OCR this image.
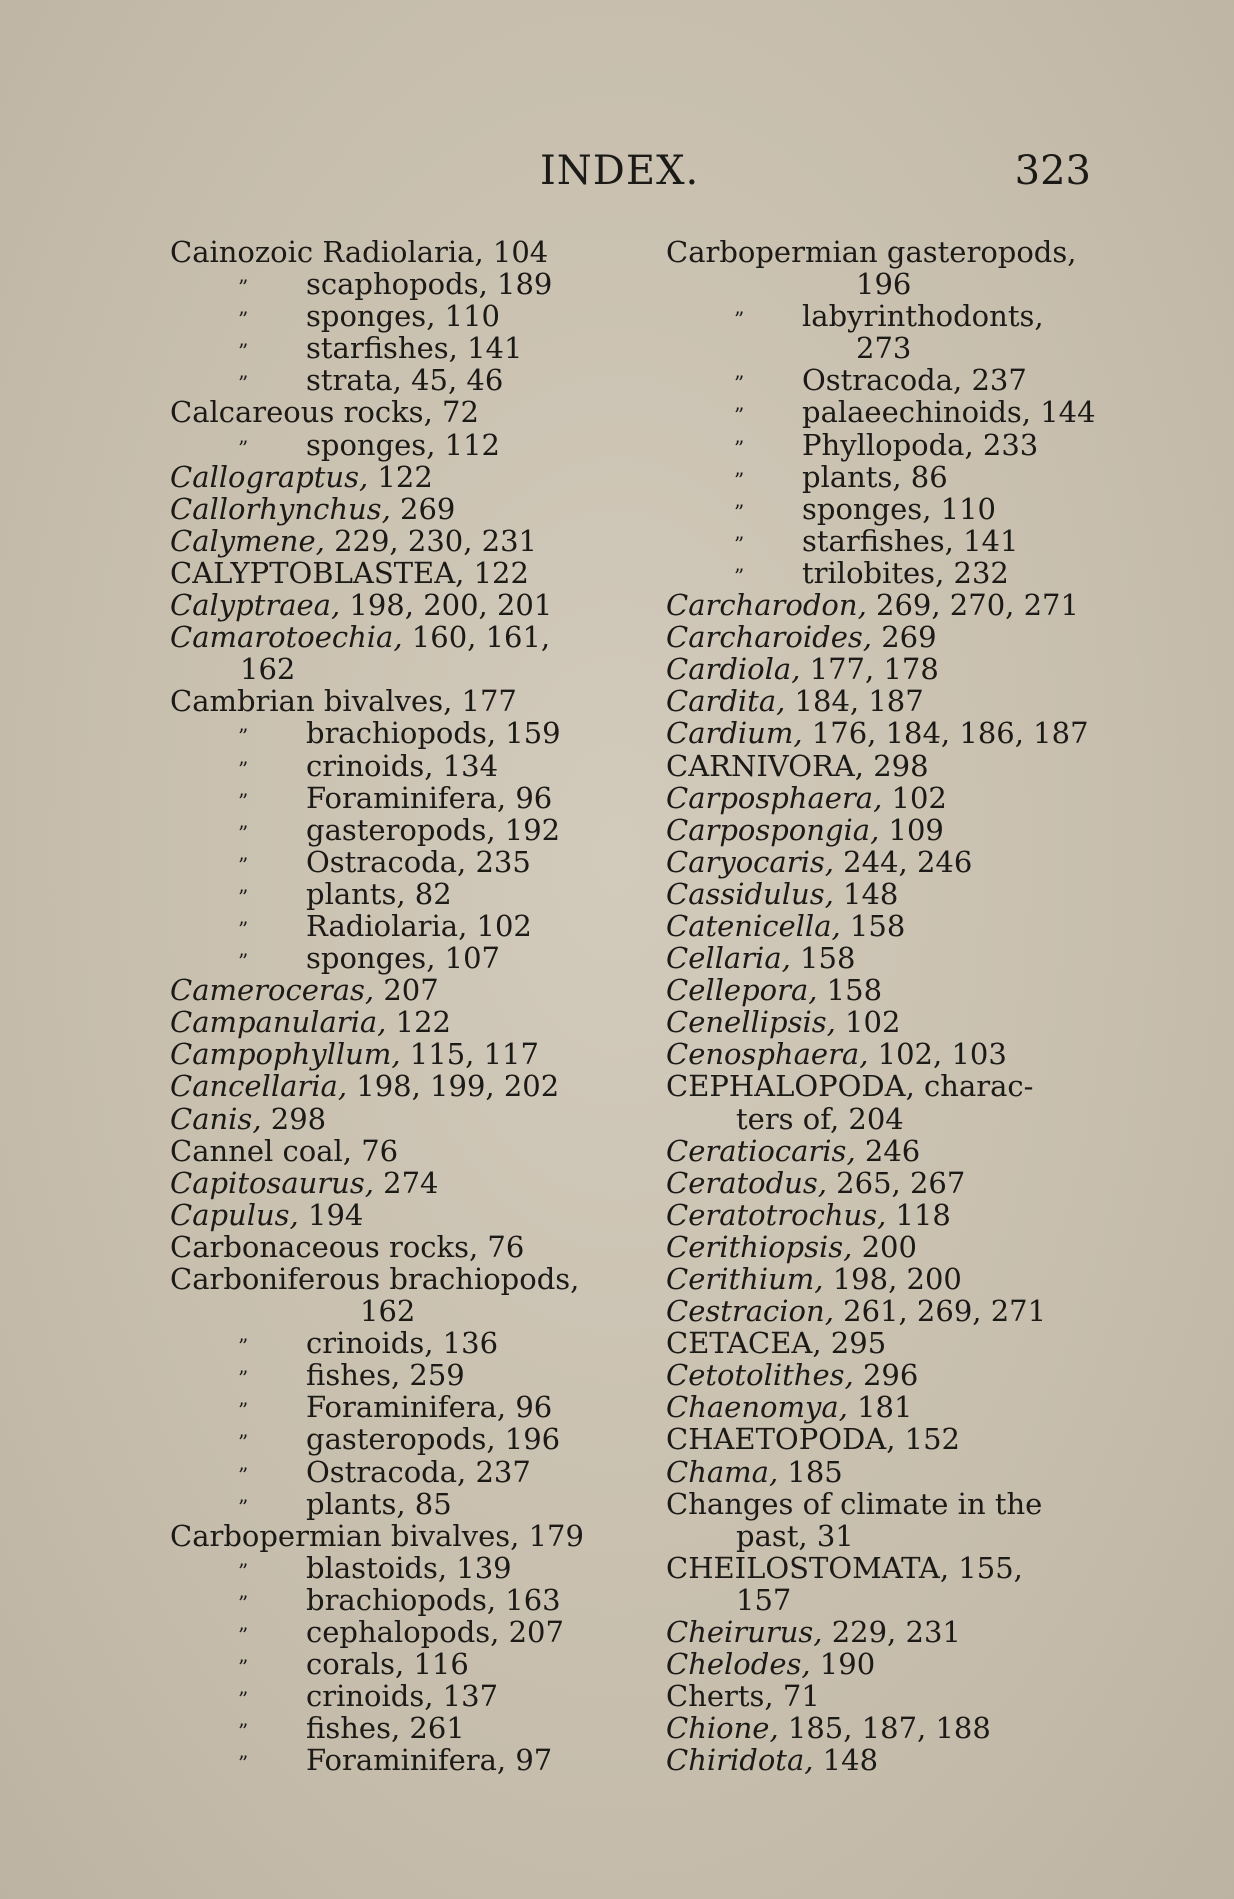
INDEX.	323
Cainozoic Radiolaria, 104
” scaphopods, 189
” sponges, 110
” starfishes, 141
” strata, 45, 46
Calcareous rocks, 72
” sponges, 112
Callograptus, 122
Callorhynchus, 269
Calymene, 229, 230, 231
CALYPTOBLASTEA, 122
Calyptraea, 198, 200, 201
Camarotoechia, 160, 161,
162
Cambrian bivalves, 177
” brachiopods, 159
” crinoids, 134
” Foraminifera, 96
” gasteropods, 192
” Ostracoda, 235
” plants, 82
” Radiolaria, 102
” sponges, 107
Cameroceras, 207
Campanularia, 122
Campophyllum, 115, 117
Cancellaria, 198, 199, 202
Canis, 298
Cannel coal, 76
Capitosaurus, 274
Capulus, 194
Carbonaceous rocks, 76
Carboniferous brachiopods,
162
” crinoids, 136
” fishes, 259
” Foraminifera, 96
” gasteropods, 196
” Ostracoda, 237
” plants, 85
Carbopermian bivalves, 179
” blastoids, 139
” brachiopods, 163
” cephalopods, 207
” corals, 116
” crinoids, 137
” fishes, 261
” Foraminifera, 97
Carbopermian gasteropods,
196
” labyrinthodonts,
273
” Ostracoda, 237
” palaeechinoids, 144
” Phyllopoda, 233
” plants, 86
” sponges, 110
” starfishes, 141
” trilobites, 232
Carcharodon, 269, 270, 271
Carcharoides, 269
Cardiola, 177, 178
Cardita, 184, 187
Cardium, 176, 184, 186, 187
CARNIVORA, 298
Carposphaera, 102
Carpospongia, 109
Caryocaris, 244, 246
Cassidulus, 148
Catenicella, 158
Cellaria, 158
Cellepora, 158
Cenellipsis, 102
Cenosphaera, 102, 103
CEPHALOPODA, charac-
ters of, 204
Ceratiocaris, 246
Ceratodus, 265, 267
Ceratotrochus, 118
Cerithiopsis, 200
Cerithium, 198, 200
Cestracion, 261, 269, 271
CETACEA, 295
Cetotolithes, 296
Chaenomya, 181
CHAETOPODA, 152
Chama, 185
Changes of climate in the
past, 31
CHEILOSTOMATA, 155,
157
Cheirurus, 229, 231
Chelodes, 190
Cherts, 71
Chione, 185, 187, 188
Chiridota, 148
